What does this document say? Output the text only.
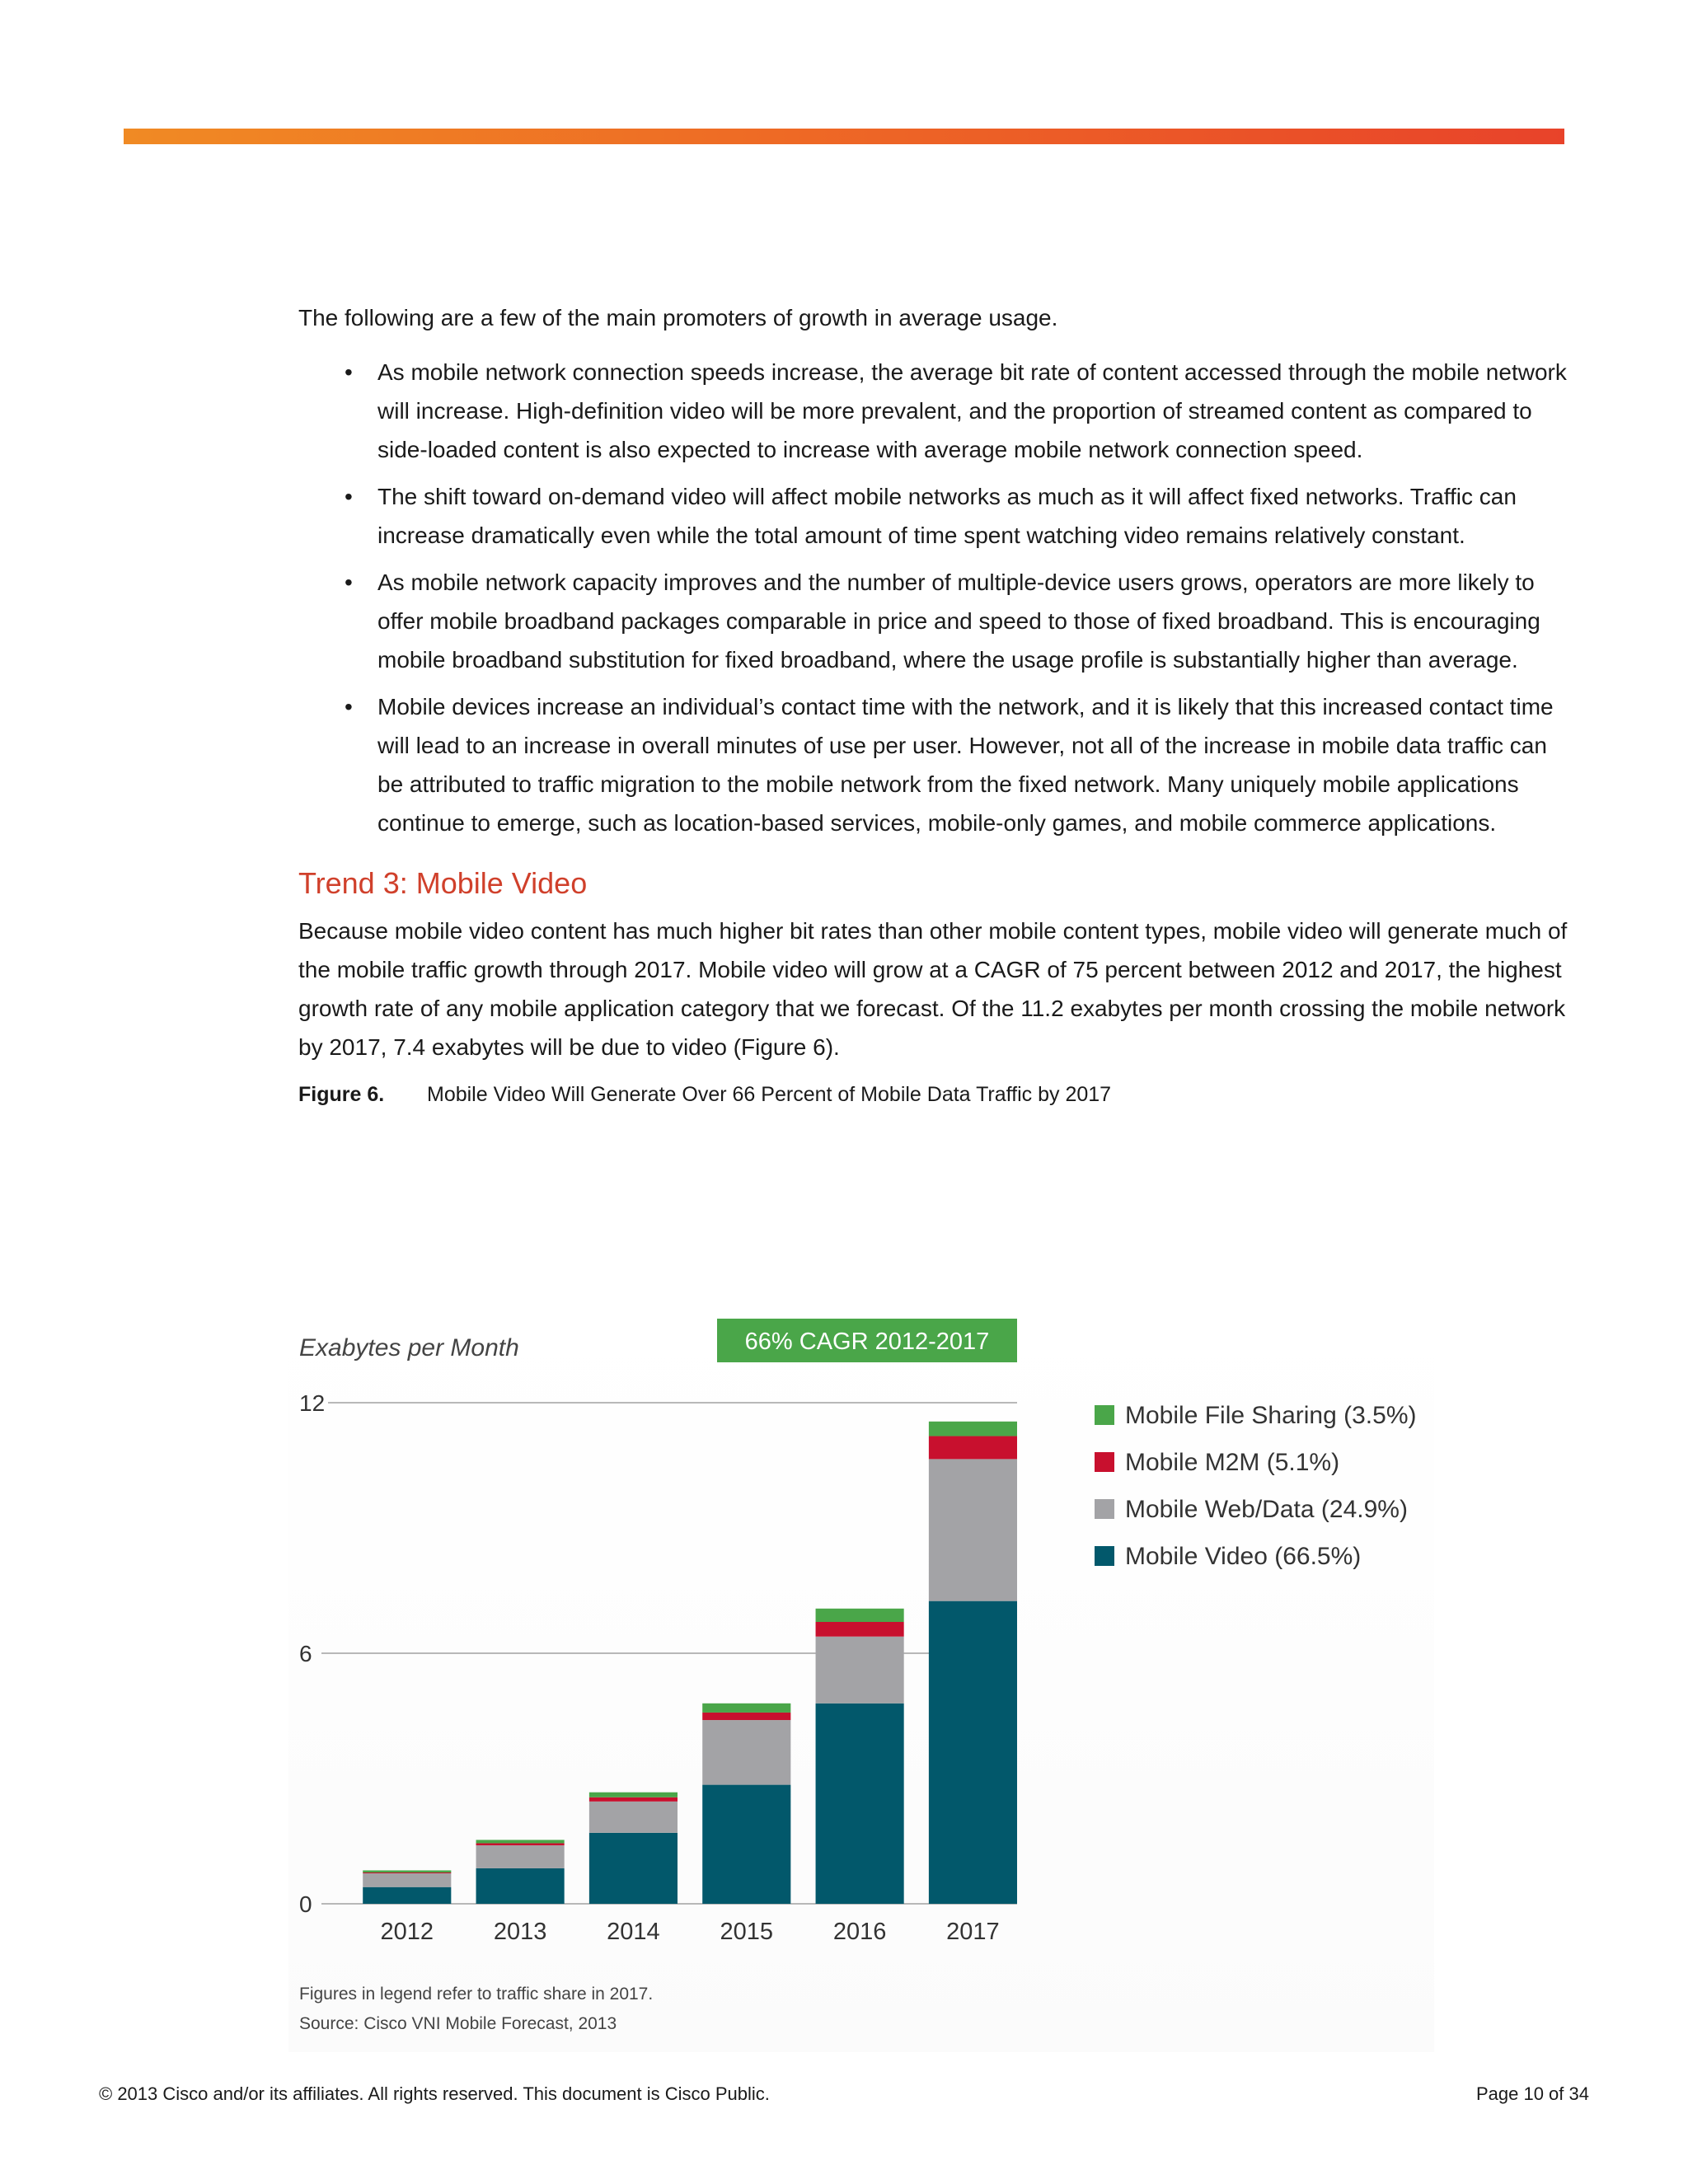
The following are a few of the main promoters of growth in average usage.

• As mobile network connection speeds increase, the average bit rate of content accessed through the mobile network will increase. High-definition video will be more prevalent, and the proportion of streamed content as compared to side-loaded content is also expected to increase with average mobile network connection speed.
• The shift toward on-demand video will affect mobile networks as much as it will affect fixed networks. Traffic can increase dramatically even while the total amount of time spent watching video remains relatively constant.
• As mobile network capacity improves and the number of multiple-device users grows, operators are more likely to offer mobile broadband packages comparable in price and speed to those of fixed broadband. This is encouraging mobile broadband substitution for fixed broadband, where the usage profile is substantially higher than average.
• Mobile devices increase an individual’s contact time with the network, and it is likely that this increased contact time will lead to an increase in overall minutes of use per user. However, not all of the increase in mobile data traffic can be attributed to traffic migration to the mobile network from the fixed network. Many uniquely mobile applications continue to emerge, such as location-based services, mobile-only games, and mobile commerce applications.
Trend 3: Mobile Video

Because mobile video content has much higher bit rates than other mobile content types, mobile video will generate much of the mobile traffic growth through 2017. Mobile video will grow at a CAGR of 75 percent between 2012 and 2017, the highest growth rate of any mobile application category that we forecast. Of the 11.2 exabytes per month crossing the mobile network by 2017, 7.4 exabytes will be due to video (Figure 6).

Figure 6. Mobile Video Will Generate Over 66 Percent of Mobile Data Traffic by 2017

2012	2013	2014	2015	2016	2017
0
6
12	Mobile File Sharing (3.5%)
Mobile M2M (5.1%)
Mobile Web/Data (24.9%)
Mobile Video (66.5%)
Exabytes per Month	66% CAGR 2012-2017
Figures in legend refer to traffic share in 2017.
Source: Cisco VNI Mobile Forecast, 2013
© 2013 Cisco and/or its affiliates. All rights reserved. This document is Cisco Public.	Page 10 of 34
